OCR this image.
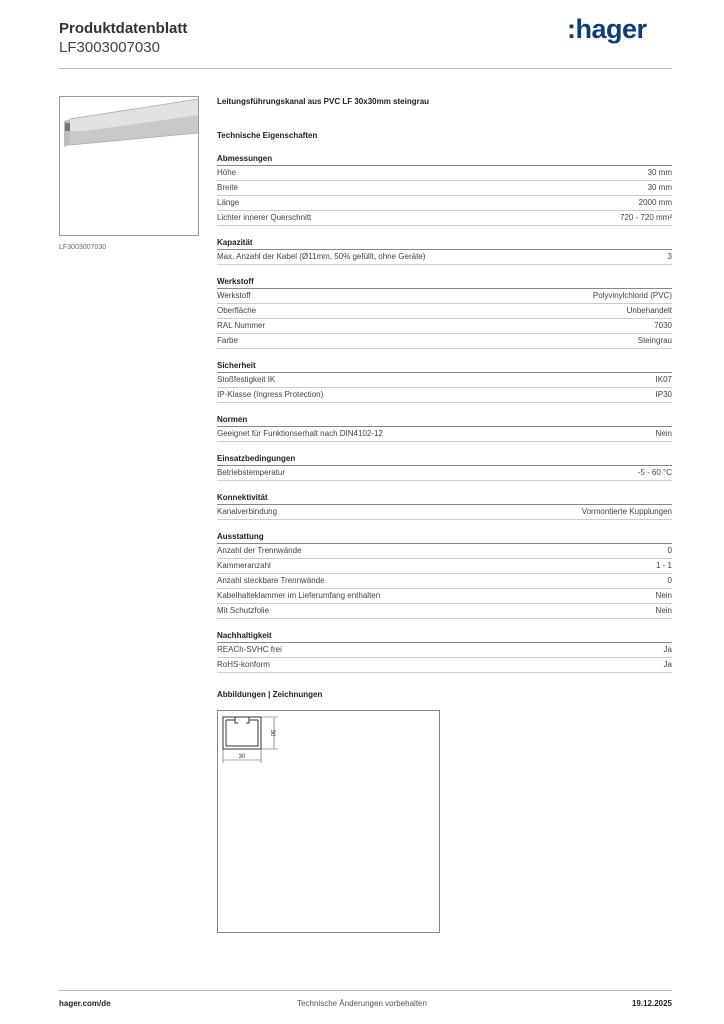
Produktdatenblatt
LF3003007030
:hager
LF3003007030
Leitungsführungskanal aus PVC LF 30x30mm steingrau
Technische Eigenschaften
Abmessungen
Höhe	30 mm
Breite	30 mm
Länge	2000 mm
Lichter innerer Querschnitt	720 - 720 mm²
Kapazität
Max. Anzahl der Kabel (Ø11mm, 50% gefüllt, ohne Geräte)	3
Werkstoff
Werkstoff	Polyvinylchlorid (PVC)
Oberfläche	Unbehandelt
RAL Nummer	7030
Farbe	Steingrau
Sicherheit
Stoßfestigkeit IK	IK07
IP-Klasse (Ingress Protection)	IP30
Normen
Geeignet für Funktionserhalt nach DIN4102-12	Nein
Einsatzbedingungen
Betriebstemperatur	-5 - 60 °C
Konnektivität
Kanalverbindung	Vormontierte Kupplungen
Ausstattung
Anzahl der Trennwände	0
Kammeranzahl	1 - 1
Anzahl steckbare Trennwände	0
Kabelhalteklammer im Lieferumfang enthalten	Nein
Mit Schutzfolie	Nein
Nachhaltigkeit
REACh-SVHC frei	Ja
RoHS-konform	Ja
Abbildungen | Zeichnungen
30
30
hager.com/de	Technische Änderungen vorbehalten	19.12.2025
